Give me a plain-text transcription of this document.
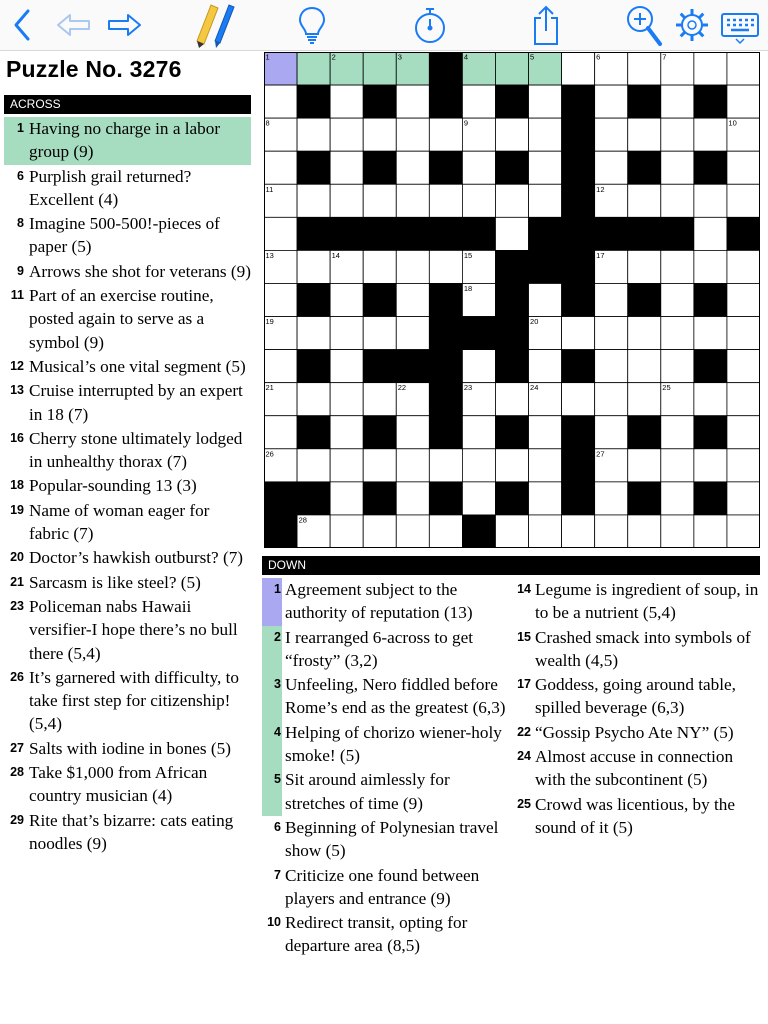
Puzzle No. 3276
ACROSS
1 Having no charge in a labor group (9)
6 Purplish grail returned? Excellent (4)
8 Imagine 500-500!-pieces of paper (5)
9 Arrows she shot for veterans (9)
11 Part of an exercise routine, posted again to serve as a symbol (9)
12 Musical’s one vital segment (5)
13 Cruise interrupted by an expert in 18 (7)
16 Cherry stone ultimately lodged in unhealthy thorax (7)
18 Popular-sounding 13 (3)
19 Name of woman eager for fabric (7)
20 Doctor’s hawkish outburst? (7)
21 Sarcasm is like steel? (5)
23 Policeman nabs Hawaii versifier-I hope there’s no bull there (5,4)
26 It’s garnered with difficulty, to take first step for citizenship! (5,4)
27 Salts with iodine in bones (5)
28 Take $1,000 from African country musician (4)
29 Rite that’s bizarre: cats eating noodles (9)
1	2	3	4	5	6	7
8	9	10
11	12
13	14	15	16	17
18
19	20
21	22	23	24	25
26	27
28	29
DOWN
1 Agreement subject to the authority of reputation (13)
2 I rearranged 6-across to get “frosty” (3,2)
3 Unfeeling, Nero fiddled before Rome’s end as the greatest (6,3)
4 Helping of chorizo wiener-holy smoke! (5)
5 Sit around aimlessly for stretches of time (9)
6 Beginning of Polynesian travel show (5)
7 Criticize one found between players and entrance (9)
10 Redirect transit, opting for departure area (8,5)
14 Legume is ingredient of soup, in to be a nutrient (5,4)
15 Crashed smack into symbols of wealth (4,5)
17 Goddess, going around table, spilled beverage (6,3)
22 “Gossip Psycho Ate NY” (5)
24 Almost accuse in connection with the subcontinent (5)
25 Crowd was licentious, by the sound of it (5)
